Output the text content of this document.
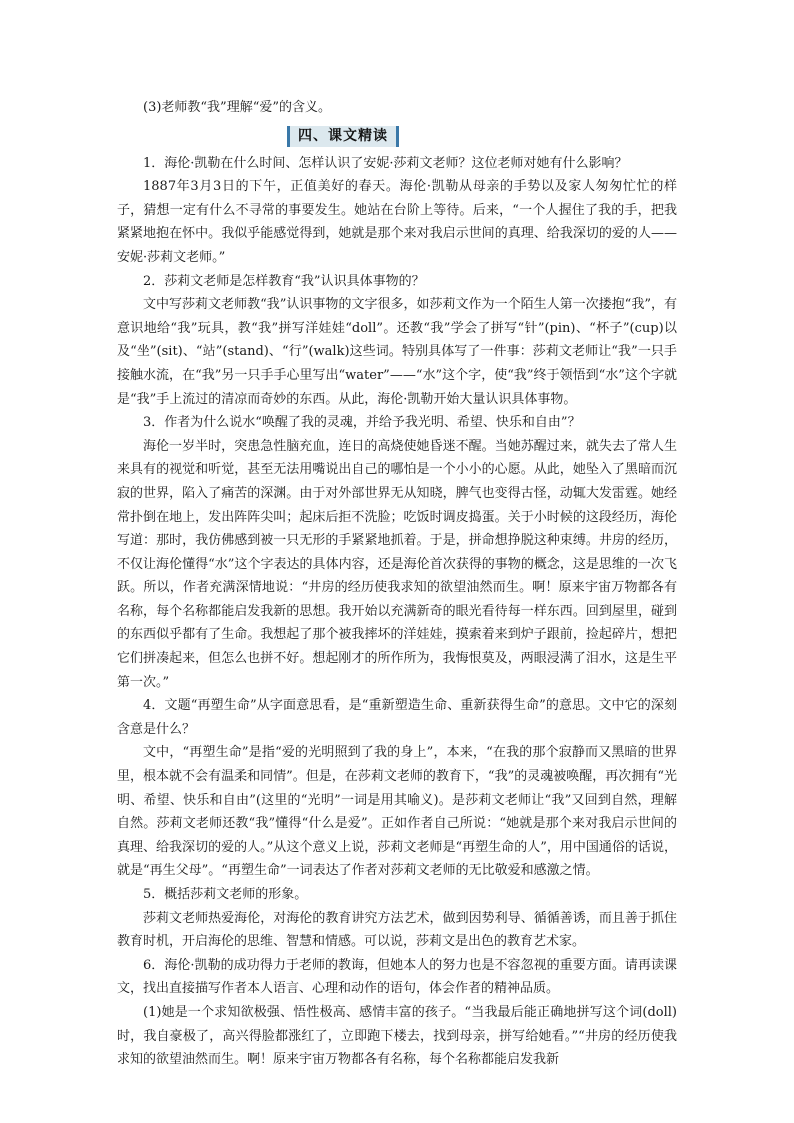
(3)老师教“我”理解“爱”的含义。

四、课文精读

1．海伦·凯勒在什么时间、怎样认识了安妮·莎莉文老师？这位老师对她有什么影响？

1887年3月3日的下午，正值美好的春天。海伦·凯勒从母亲的手势以及家人匆匆忙忙的样子，猜想一定有什么不寻常的事要发生。她站在台阶上等待。后来，“一个人握住了我的手，把我紧紧地抱在怀中。我似乎能感觉得到，她就是那个来对我启示世间的真理、给我深切的爱的人——安妮·莎莉文老师。”

2．莎莉文老师是怎样教育“我”认识具体事物的？

文中写莎莉文老师教“我”认识事物的文字很多，如莎莉文作为一个陌生人第一次搂抱“我”，有意识地给“我”玩具，教“我”拼写洋娃娃“doll”。还教“我”学会了拼写“针”(pin)、“杯子”(cup)以及“坐”(sit)、“站”(stand)、“行”(walk)这些词。特别具体写了一件事：莎莉文老师让“我”一只手接触水流，在“我”另一只手手心里写出“water”——“水”这个字，使“我”终于领悟到“水”这个字就是“我”手上流过的清凉而奇妙的东西。从此，海伦·凯勒开始大量认识具体事物。

3．作者为什么说水“唤醒了我的灵魂，并给予我光明、希望、快乐和自由”？

海伦一岁半时，突患急性脑充血，连日的高烧使她昏迷不醒。当她苏醒过来，就失去了常人生来具有的视觉和听觉，甚至无法用嘴说出自己的哪怕是一个小小的心愿。从此，她坠入了黑暗而沉寂的世界，陷入了痛苦的深渊。由于对外部世界无从知晓，脾气也变得古怪，动辄大发雷霆。她经常扑倒在地上，发出阵阵尖叫；起床后拒不洗脸；吃饭时调皮捣蛋。关于小时候的这段经历，海伦写道：那时，我仿佛感到被一只无形的手紧紧地抓着。于是，拼命想挣脱这种束缚。井房的经历，不仅让海伦懂得“水”这个字表达的具体内容，还是海伦首次获得的事物的概念，这是思维的一次飞跃。所以，作者充满深情地说：“井房的经历使我求知的欲望油然而生。啊！原来宇宙万物都各有名称，每个名称都能启发我新的思想。我开始以充满新奇的眼光看待每一样东西。回到屋里，碰到的东西似乎都有了生命。我想起了那个被我摔坏的洋娃娃，摸索着来到炉子跟前，捡起碎片，想把它们拼凑起来，但怎么也拼不好。想起刚才的所作所为，我悔恨莫及，两眼浸满了泪水，这是生平第一次。”

4．文题“再塑生命”从字面意思看，是“重新塑造生命、重新获得生命”的意思。文中它的深刻含意是什么？

文中，“再塑生命”是指“爱的光明照到了我的身上”，本来，“在我的那个寂静而又黑暗的世界里，根本就不会有温柔和同情”。但是，在莎莉文老师的教育下，“我”的灵魂被唤醒，再次拥有“光明、希望、快乐和自由”(这里的“光明”一词是用其喻义)。是莎莉文老师让“我”又回到自然，理解自然。莎莉文老师还教“我”懂得“什么是爱”。正如作者自己所说：“她就是那个来对我启示世间的真理、给我深切的爱的人。”从这个意义上说，莎莉文老师是“再塑生命的人”，用中国通俗的话说，就是“再生父母”。“再塑生命”一词表达了作者对莎莉文老师的无比敬爱和感激之情。

5．概括莎莉文老师的形象。

莎莉文老师热爱海伦，对海伦的教育讲究方法艺术，做到因势利导、循循善诱，而且善于抓住教育时机，开启海伦的思维、智慧和情感。可以说，莎莉文是出色的教育艺术家。

6．海伦·凯勒的成功得力于老师的教诲，但她本人的努力也是不容忽视的重要方面。请再读课文，找出直接描写作者本人语言、心理和动作的语句，体会作者的精神品质。

(1)她是一个求知欲极强、悟性极高、感情丰富的孩子。“当我最后能正确地拼写这个词(doll)时，我自豪极了，高兴得脸都涨红了，立即跑下楼去，找到母亲，拼写给她看。”“井房的经历使我求知的欲望油然而生。啊！原来宇宙万物都各有名称，每个名称都能启发我新
